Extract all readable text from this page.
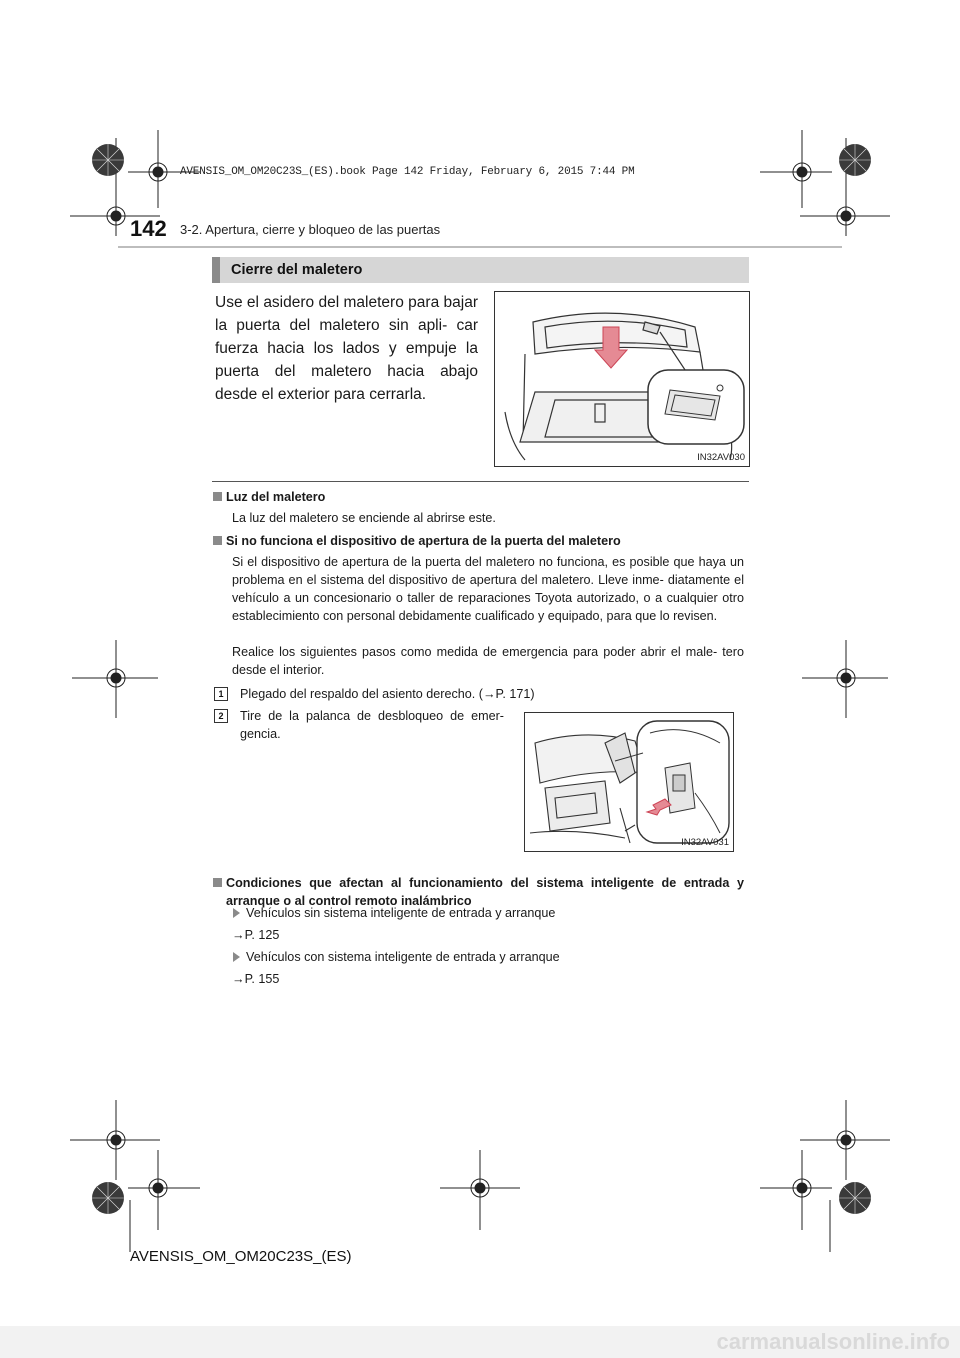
AVENSIS_OM_OM20C23S_(ES).book Page 142 Friday, February 6, 2015 7:44 PM
142 3-2. Apertura, cierre y bloqueo de las puertas
Cierre del maletero
Use el asidero del maletero para bajar la puerta del maletero sin apli- car fuerza hacia los lados y empuje la puerta del maletero hacia abajo desde el exterior para cerrarla.
IN32AV030
Luz del maletero
La luz del maletero se enciende al abrirse este.
Si no funciona el dispositivo de apertura de la puerta del maletero
Si el dispositivo de apertura de la puerta del maletero no funciona, es posible que haya un problema en el sistema del dispositivo de apertura del maletero. Lleve inme- diatamente el vehículo a un concesionario o taller de reparaciones Toyota autorizado, o a cualquier otro establecimiento con personal debidamente cualificado y equipado, para que lo revisen.
Realice los siguientes pasos como medida de emergencia para poder abrir el male- tero desde el interior.
1	Plegado del respaldo del asiento derecho. (→P. 171)
2	Tire de la palanca de desbloqueo de emer- gencia.
IN32AV031
Condiciones que afectan al funcionamiento del sistema inteligente de entrada y arranque o al control remoto inalámbrico
Vehículos sin sistema inteligente de entrada y arranque
→P. 125
Vehículos con sistema inteligente de entrada y arranque
→P. 155
AVENSIS_OM_OM20C23S_(ES)
carmanualsonline.info
